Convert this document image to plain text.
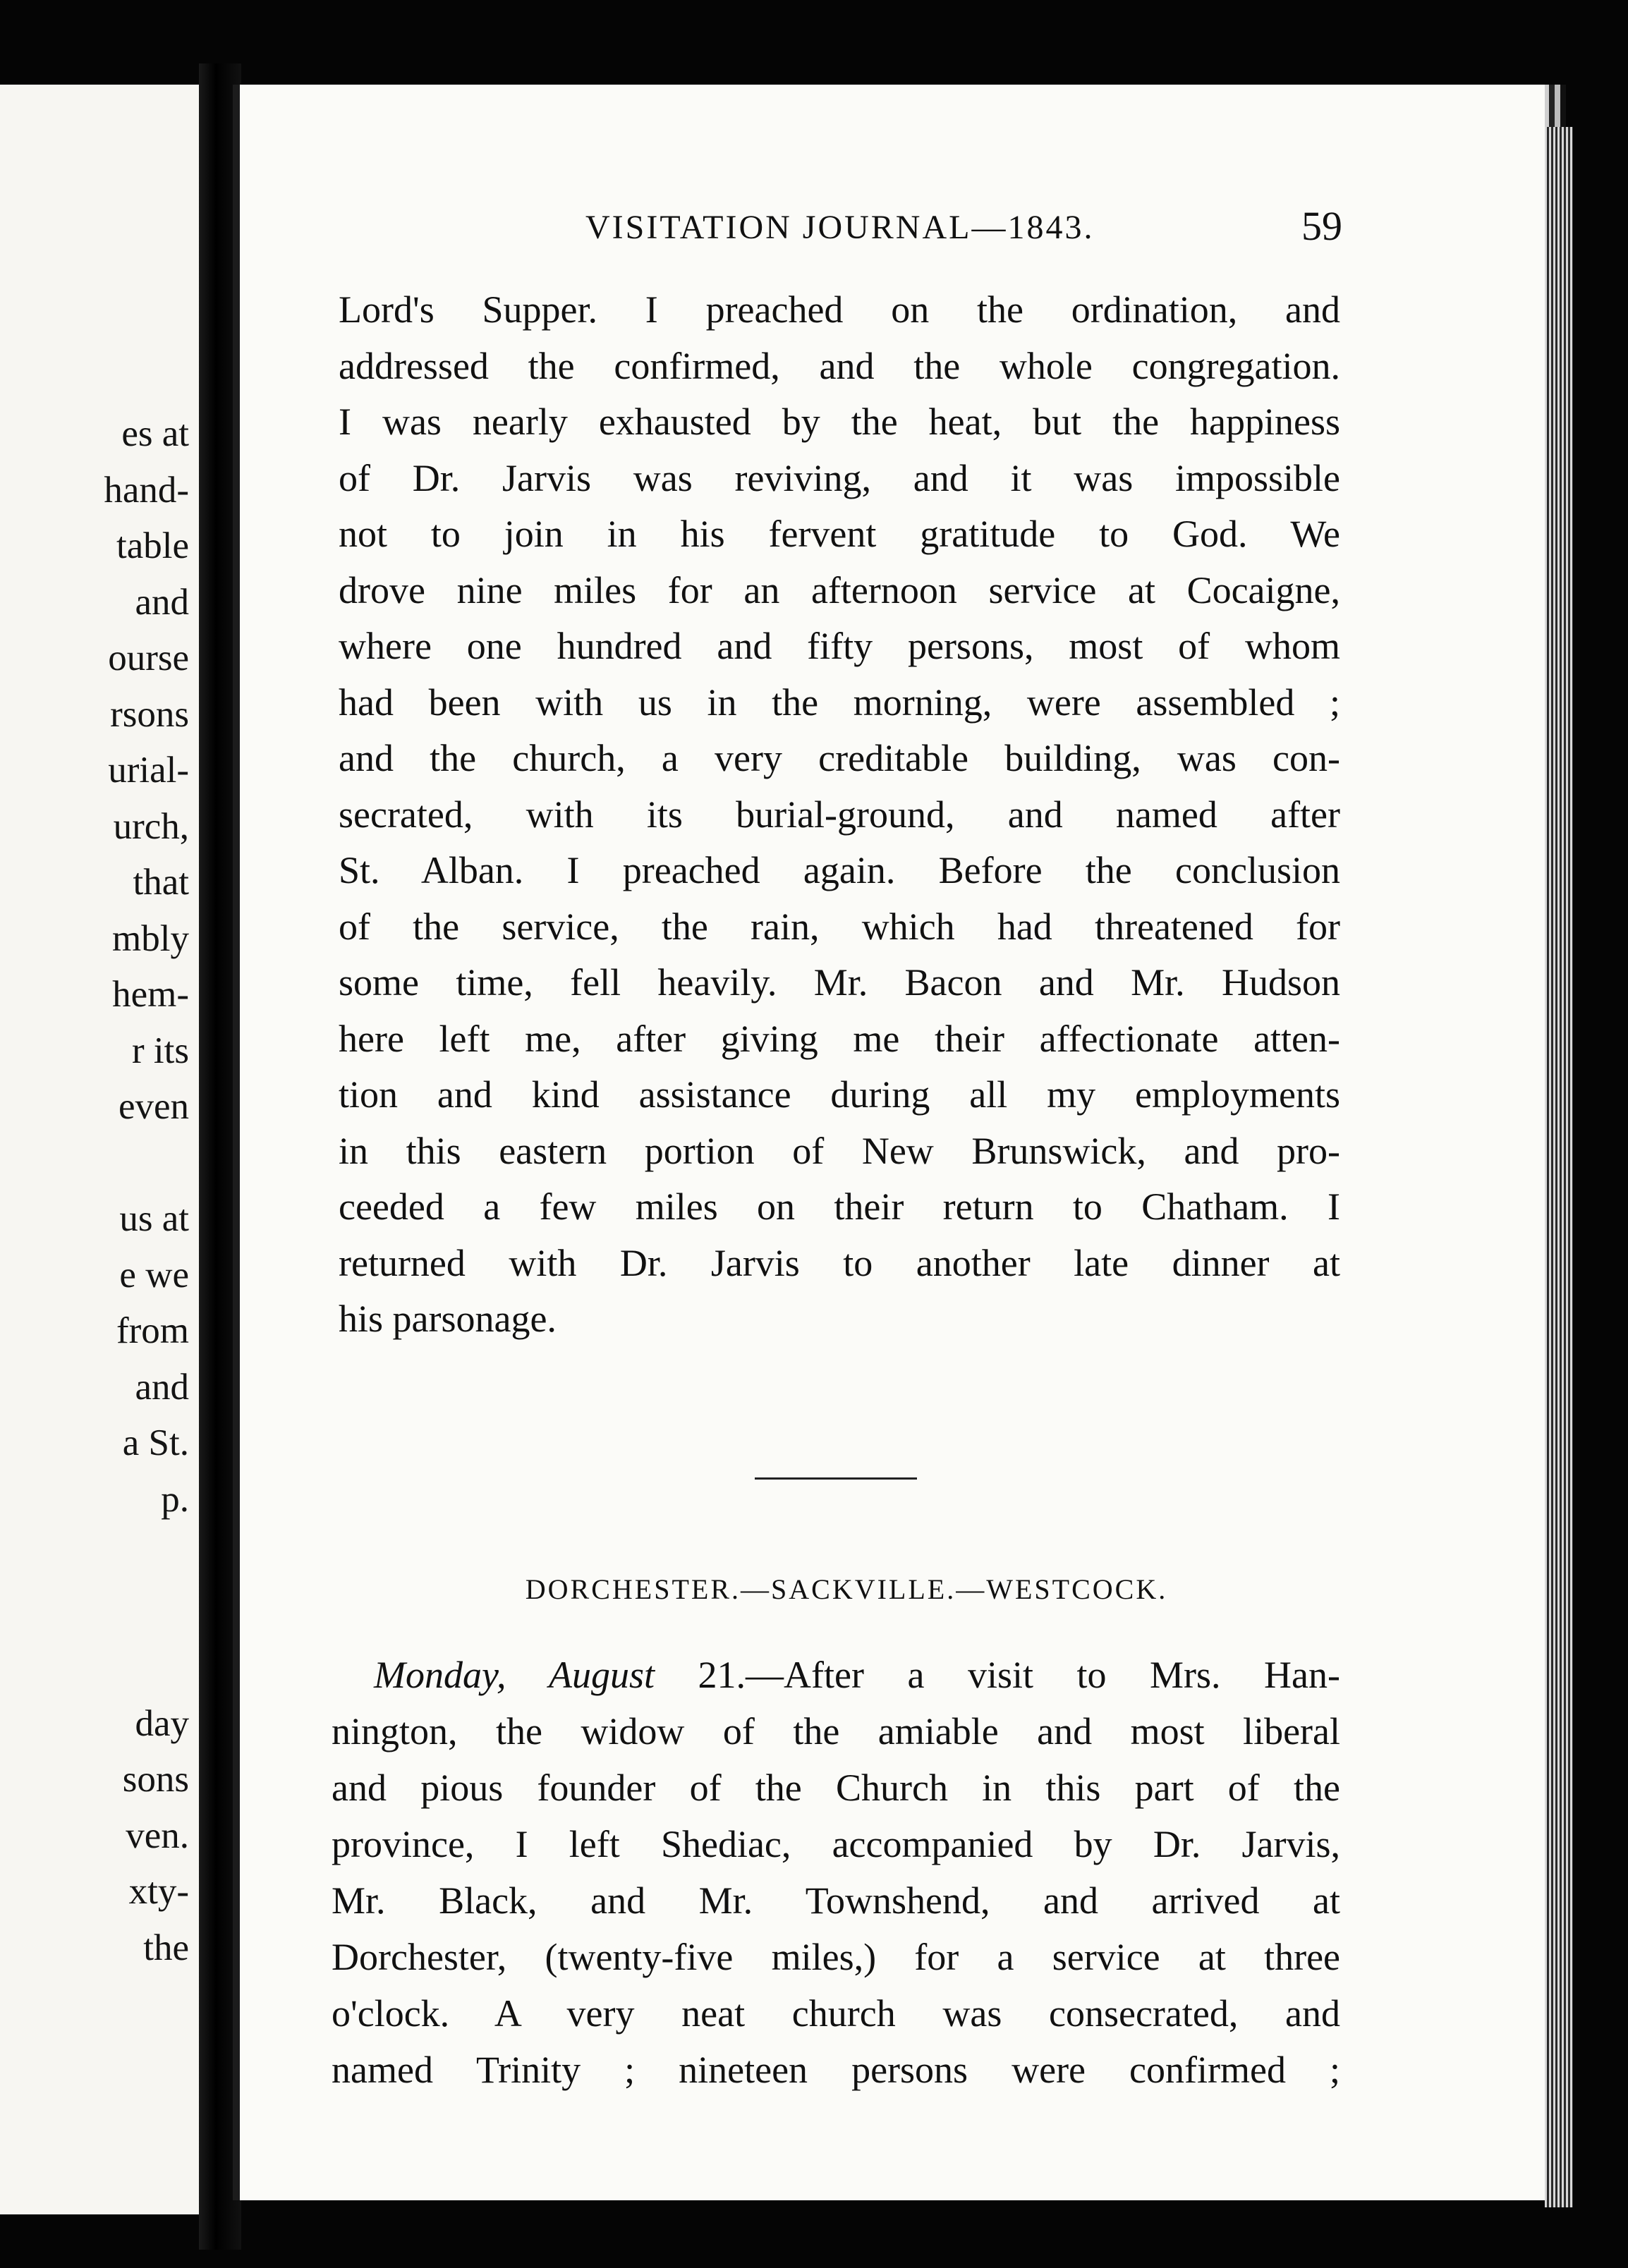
es at
hand-
table
and
ourse
rsons
urial-
urch,
that
mbly
hem-
r its
even
us at
e we
from
and
a St.
p.
day
sons
ven.
xty-
the
VISITATION JOURNAL—1843.	59
Lord's Supper. I preached on the ordination, and
addressed the confirmed, and the whole congregation.
I was nearly exhausted by the heat, but the happiness
of Dr. Jarvis was reviving, and it was impossible
not to join in his fervent gratitude to God. We
drove nine miles for an afternoon service at Cocaigne,
where one hundred and fifty persons, most of whom
had been with us in the morning, were assembled ;
and the church, a very creditable building, was con-
secrated, with its burial-ground, and named after
St. Alban. I preached again. Before the conclusion
of the service, the rain, which had threatened for
some time, fell heavily. Mr. Bacon and Mr. Hudson
here left me, after giving me their affectionate atten-
tion and kind assistance during all my employments
in this eastern portion of New Brunswick, and pro-
ceeded a few miles on their return to Chatham. I
returned with Dr. Jarvis to another late dinner at
his parsonage.
DORCHESTER.—SACKVILLE.—WESTCOCK.
Monday, August 21.—After a visit to Mrs. Han-
nington, the widow of the amiable and most liberal
and pious founder of the Church in this part of the
province, I left Shediac, accompanied by Dr. Jarvis,
Mr. Black, and Mr. Townshend, and arrived at
Dorchester, (twenty-five miles,) for a service at three
o'clock. A very neat church was consecrated, and
named Trinity ; nineteen persons were confirmed ;
